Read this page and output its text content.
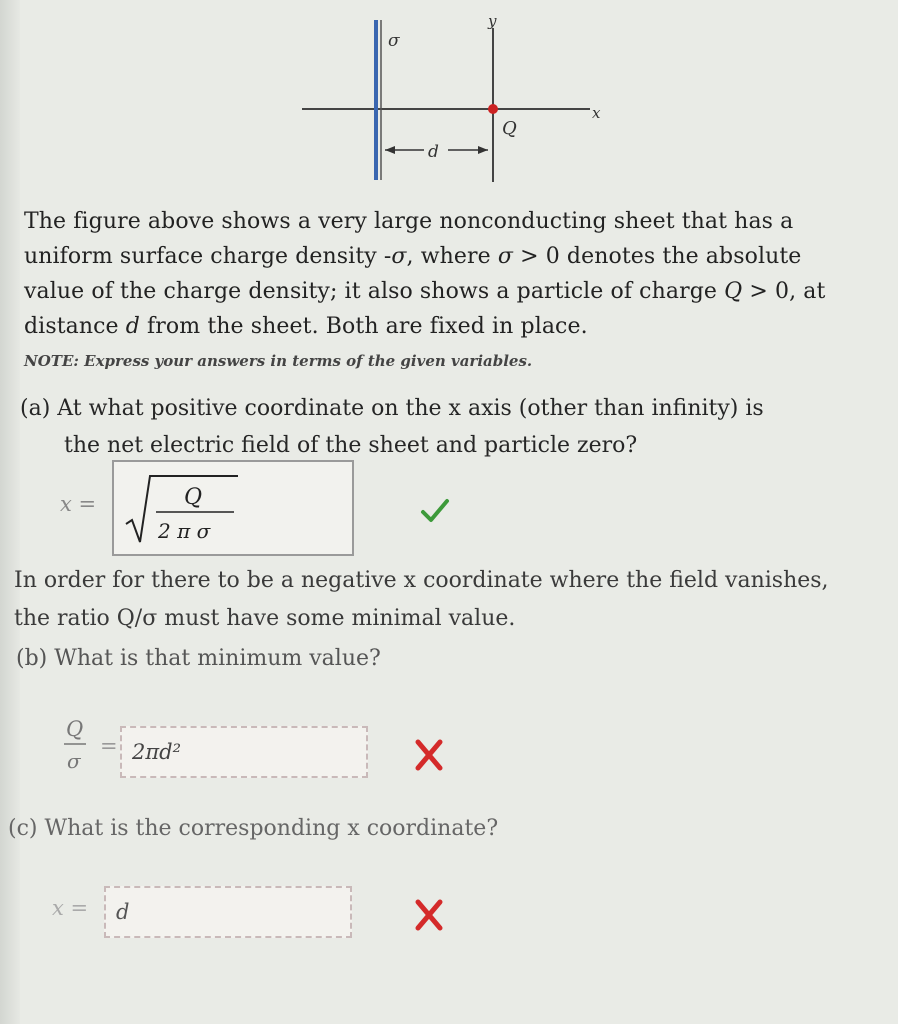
d
σ
y
x
Q
The figure above shows a very large nonconducting sheet that has a uniform surface charge density -σ, where σ > 0 denotes the absolute value of the charge density; it also shows a particle of charge Q > 0, at distance d from the sheet. Both are fixed in place.
NOTE: Express your answers in terms of the given variables.
(a) At what positive coordinate on the x axis (other than infinity) is
the net electric field of the sheet and particle zero?
x =	Q
2 π σ
In order for there to be a negative x coordinate where the field vanishes, the ratio Q/σ must have some minimal value.
(b) What is that minimum value?
Q
σ
= 2πd²
(c) What is the corresponding x coordinate?
x = d
